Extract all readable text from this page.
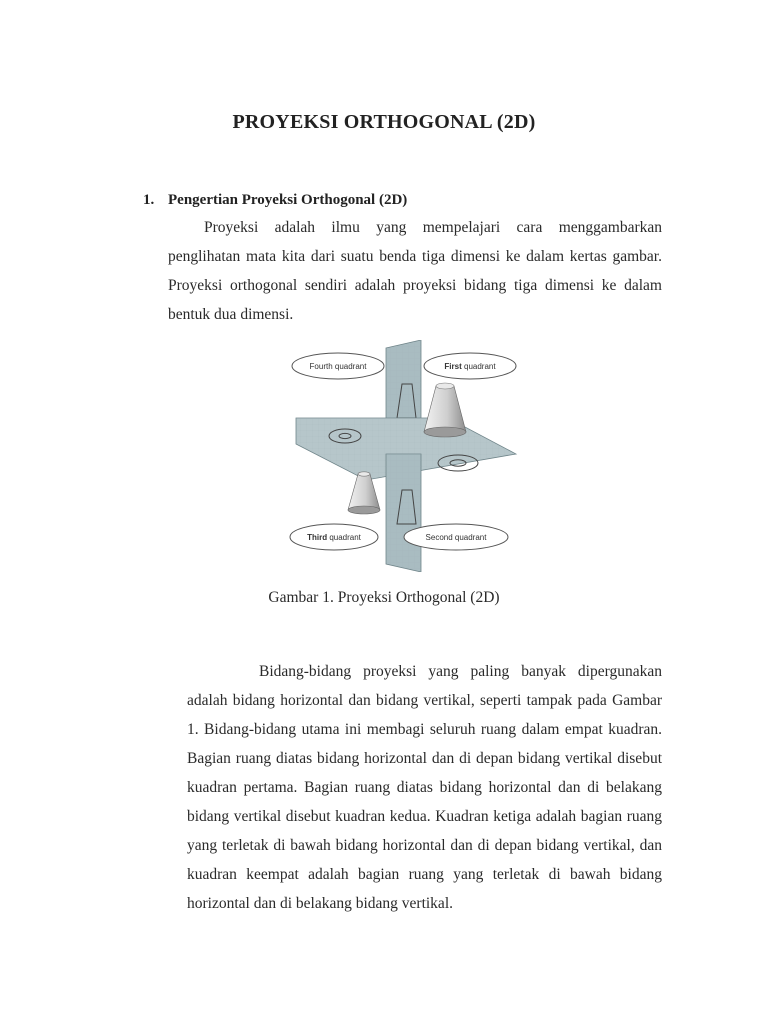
PROYEKSI ORTHOGONAL (2D)
1. Pengertian Proyeksi Orthogonal (2D)

Proyeksi adalah ilmu yang mempelajari cara menggambarkan penglihatan mata kita dari suatu benda tiga dimensi ke dalam kertas gambar. Proyeksi orthogonal sendiri adalah proyeksi bidang tiga dimensi ke dalam bentuk dua dimensi.

Fourth quadrant	First quadrant
Third quadrant	Second quadrant
Gambar 1. Proyeksi Orthogonal (2D)

Bidang-bidang proyeksi yang paling banyak dipergunakan adalah bidang horizontal dan bidang vertikal, seperti tampak pada Gambar 1. Bidang-bidang utama ini membagi seluruh ruang dalam empat kuadran. Bagian ruang diatas bidang horizontal dan di depan bidang vertikal disebut kuadran pertama. Bagian ruang diatas bidang horizontal dan di belakang bidang vertikal disebut kuadran kedua. Kuadran ketiga adalah bagian ruang yang terletak di bawah bidang horizontal dan di depan bidang vertikal, dan kuadran keempat adalah bagian ruang yang terletak di bawah bidang horizontal dan di belakang bidang vertikal.
